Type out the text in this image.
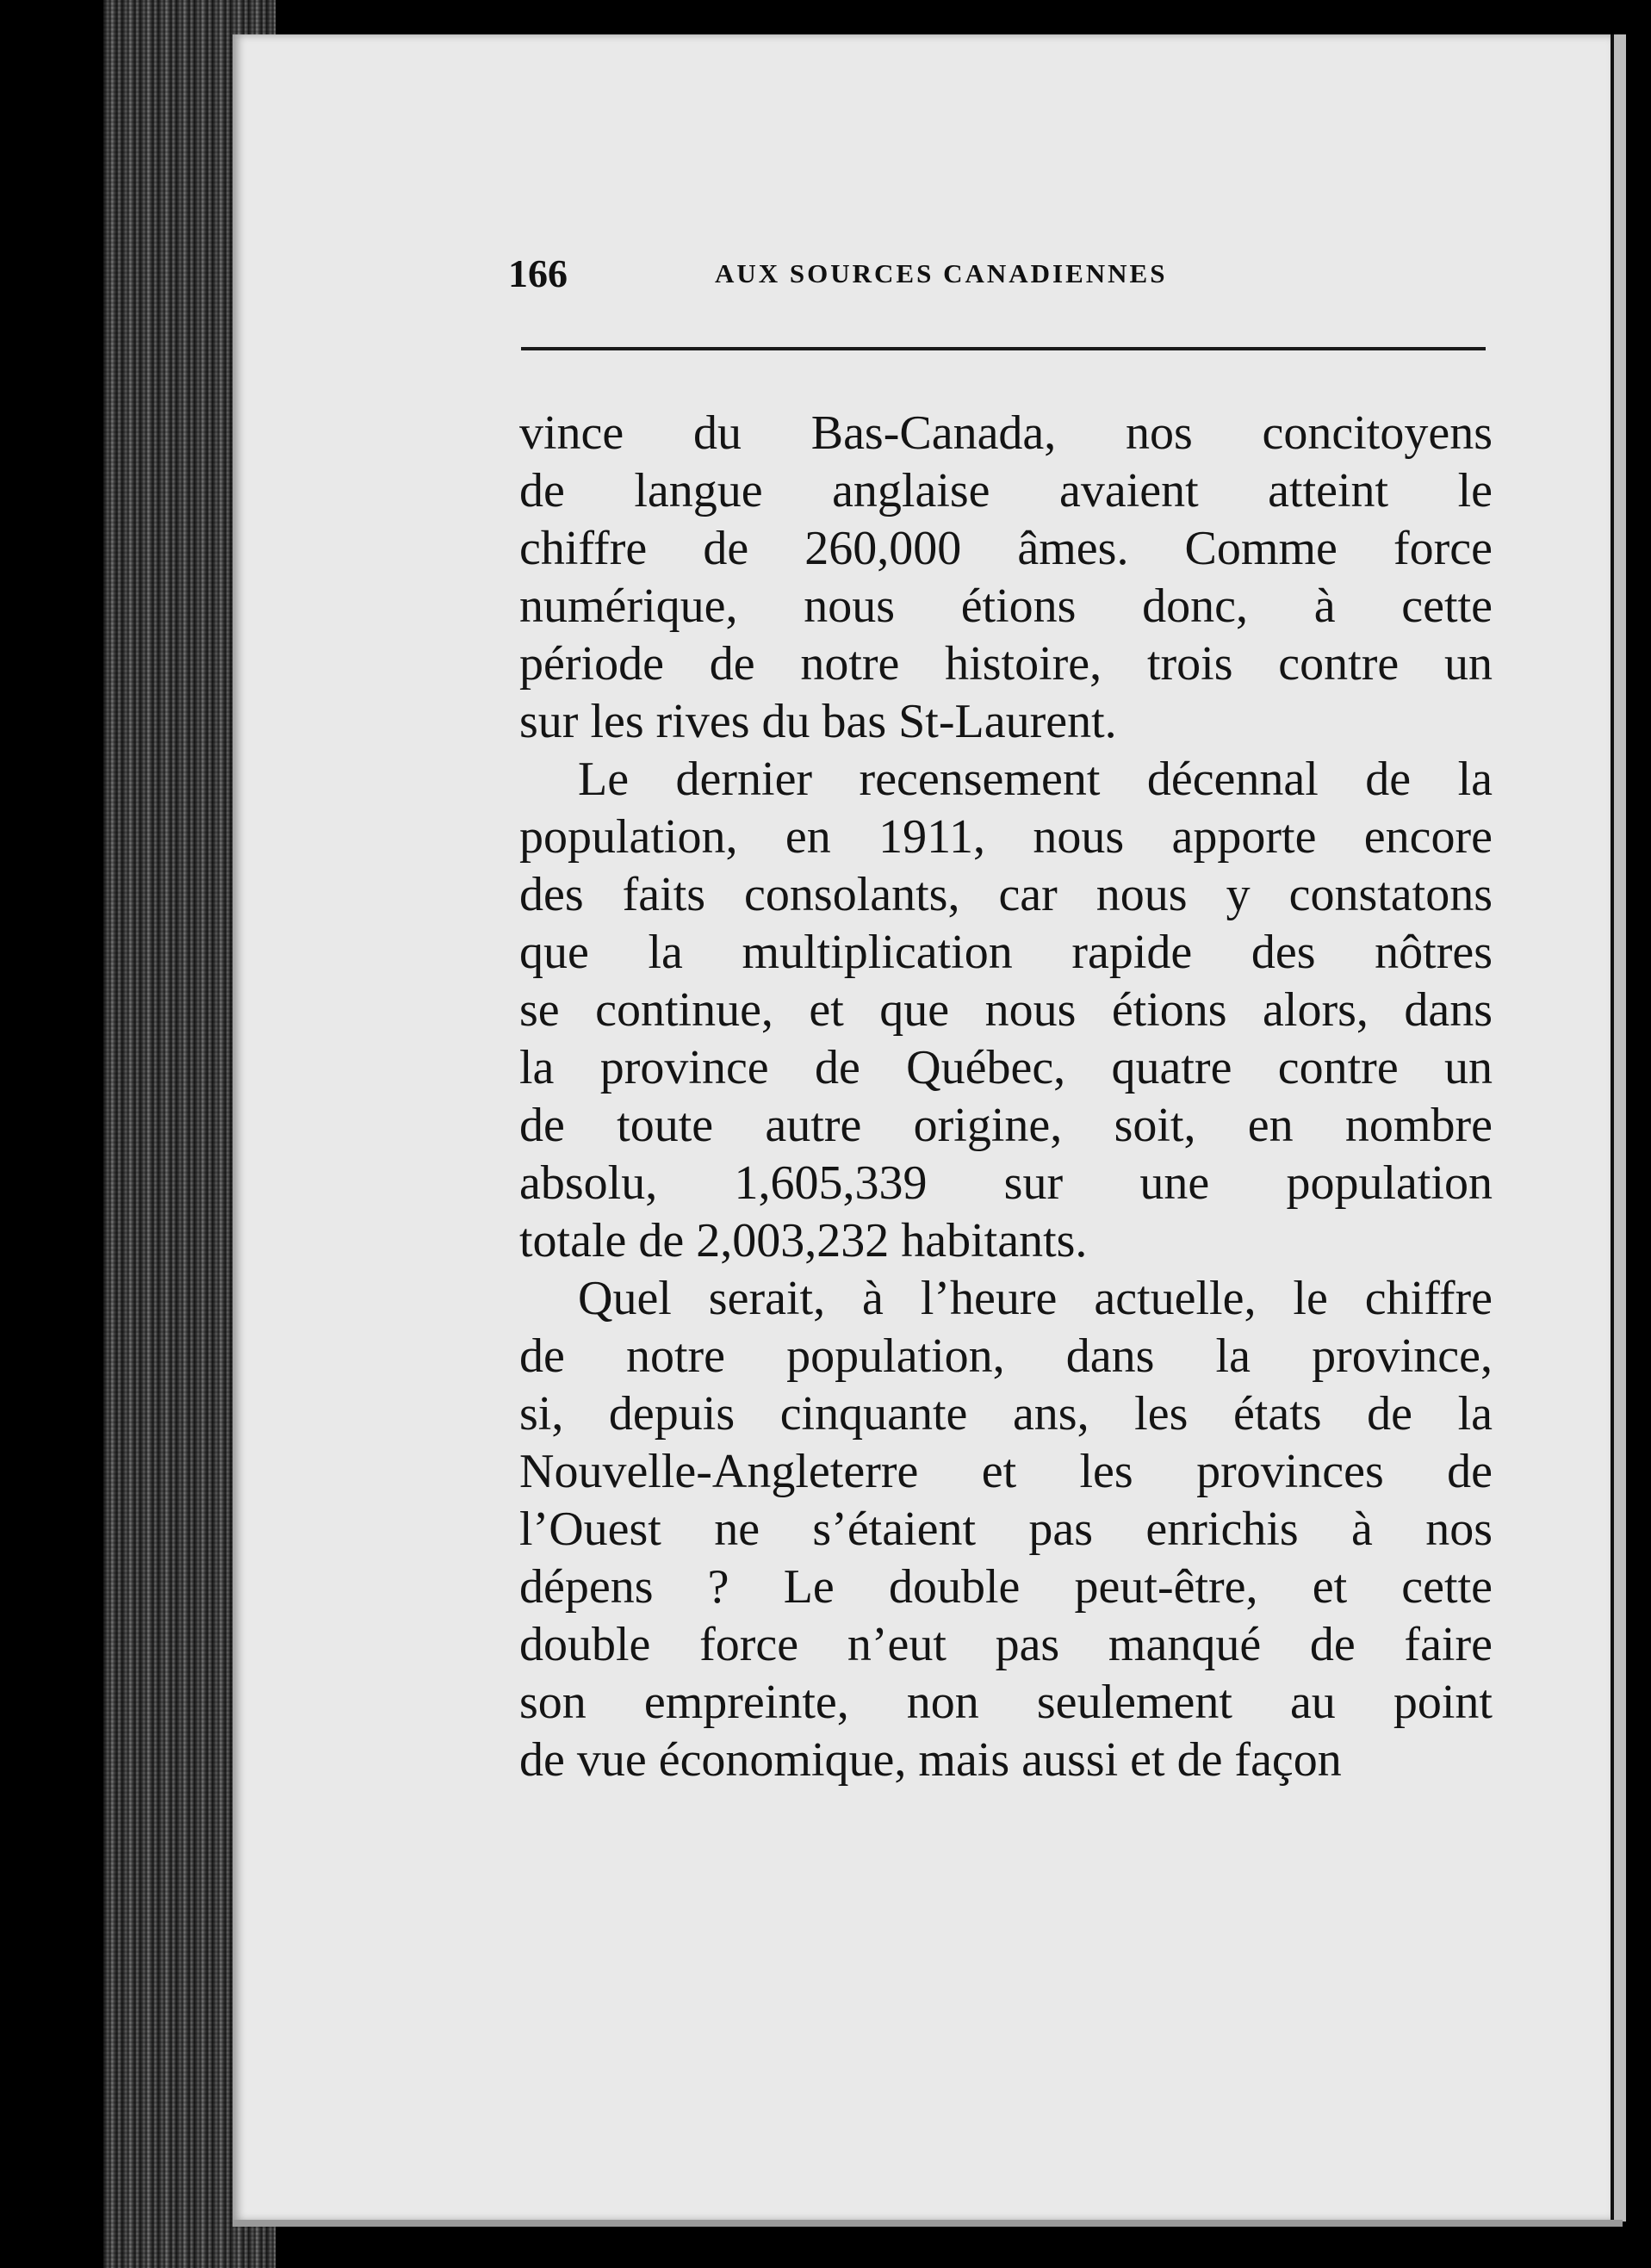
166	AUX SOURCES CANADIENNES
vince du Bas-Canada, nos concitoyens
de langue anglaise avaient atteint le
chiffre de 260,000 âmes. Comme force
numérique, nous étions donc, à cette
période de notre histoire, trois contre un
sur les rives du bas St-Laurent.
Le dernier recensement décennal de la
population, en 1911, nous apporte encore
des faits consolants, car nous y constatons
que la multiplication rapide des nôtres
se continue, et que nous étions alors, dans
la province de Québec, quatre contre un
de toute autre origine, soit, en nombre
absolu, 1,605,339 sur une population
totale de 2,003,232 habitants.
Quel serait, à l’heure actuelle, le chiffre
de notre population, dans la province,
si, depuis cinquante ans, les états de la
Nouvelle-Angleterre et les provinces de
l’Ouest ne s’étaient pas enrichis à nos
dépens ? Le double peut-être, et cette
double force n’eut pas manqué de faire
son empreinte, non seulement au point
de vue économique, mais aussi et de façon
